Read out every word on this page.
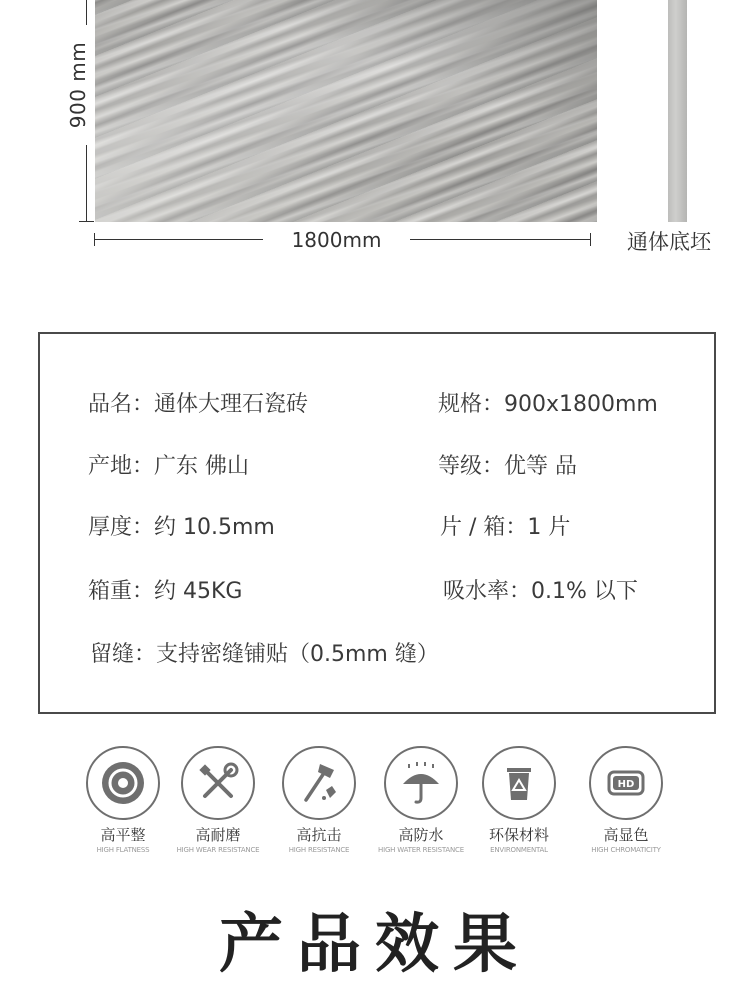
通体底坯
900 mm
1800mm
品名：通体大理石瓷砖	规格：900x1800mm
产地：广东 佛山	等级：优等 品
厚度：约 10.5mm	片 / 箱：1 片
箱重：约 45KG	吸水率：0.1% 以下
留缝：支持密缝铺贴（0.5mm 缝）
高平整
HIGH FLATNESS
高耐磨
HIGH WEAR RESISTANCE
高抗击
HIGH RESISTANCE
高防水
HIGH WATER RESISTANCE
环保材料
ENVIRONMENTAL
HD
高显色
HIGH CHROMATICITY
产品效果
